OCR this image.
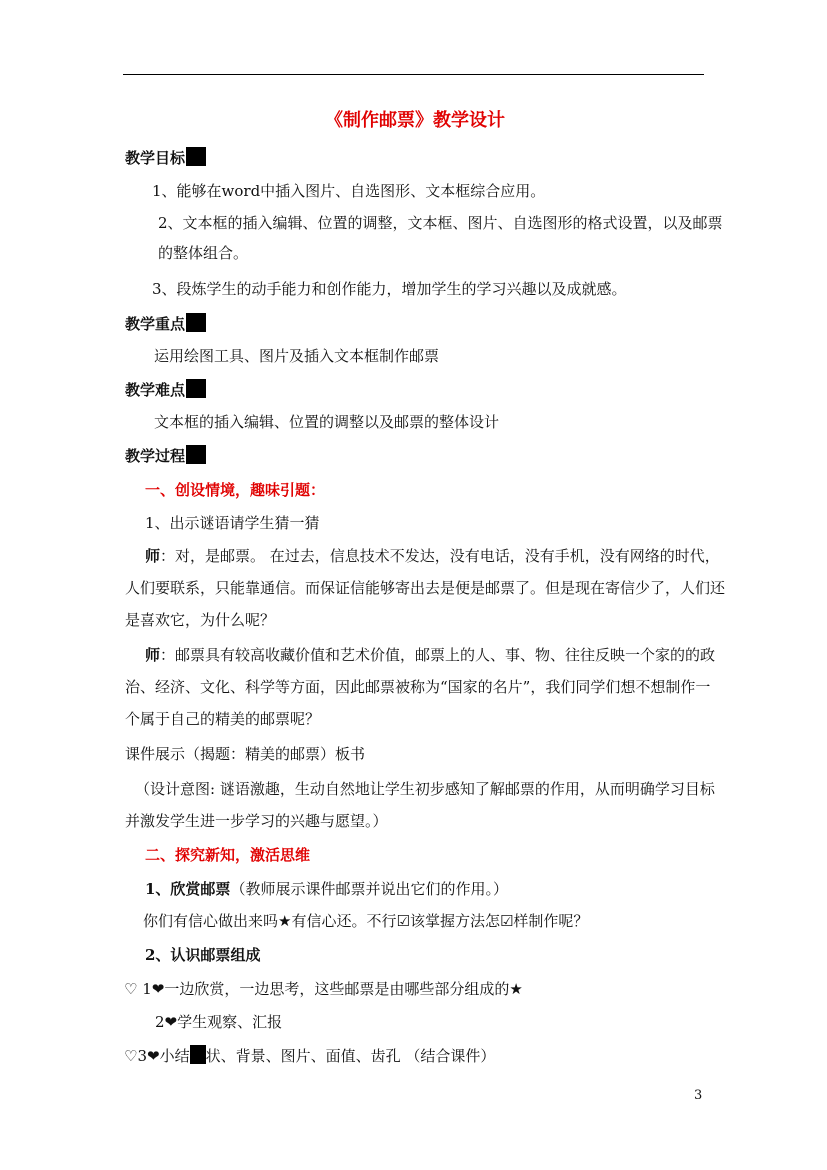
《制作邮票》教学设计
教学目标
1、能够在word中插入图片、自选图形、文本框综合应用。
2、文本框的插入编辑、位置的调整，文本框、图片、自选图形的格式设置，以及邮票
的整体组合。
3、段炼学生的动手能力和创作能力，增加学生的学习兴趣以及成就感。
教学重点
运用绘图工具、图片及插入文本框制作邮票
教学难点
文本框的插入编辑、位置的调整以及邮票的整体设计
教学过程
一、创设情境，趣味引题：
1、出示谜语请学生猜一猜
师：对，是邮票。 在过去，信息技术不发达，没有电话，没有手机，没有网络的时代，
人们要联系，只能靠通信。而保证信能够寄出去是便是邮票了。但是现在寄信少了，人们还
是喜欢它，为什么呢？
师：邮票具有较高收藏价值和艺术价值，邮票上的人、事、物、往往反映一个家的的政
治、经济、文化、科学等方面，因此邮票被称为“国家的名片”，我们同学们想不想制作一
个属于自己的精美的邮票呢？
课件展示（揭题：精美的邮票）板书
（设计意图: 谜语激趣，生动自然地让学生初步感知了解邮票的作用，从而明确学习目标
并激发学生进一步学习的兴趣与愿望。）
二、探究新知，激活思维
1、欣赏邮票（教师展示课件邮票并说出它们的作用。）
你们有信心做出来吗★有信心还。不行☑该掌握方法怎☑样制作呢？
2、认识邮票组成
♡ 1❤一边欣赏，一边思考，这些邮票是由哪些部分组成的★
2❤学生观察、汇报
♡3❤小结 状、背景、图片、面值、齿孔 （结合课件）
3
